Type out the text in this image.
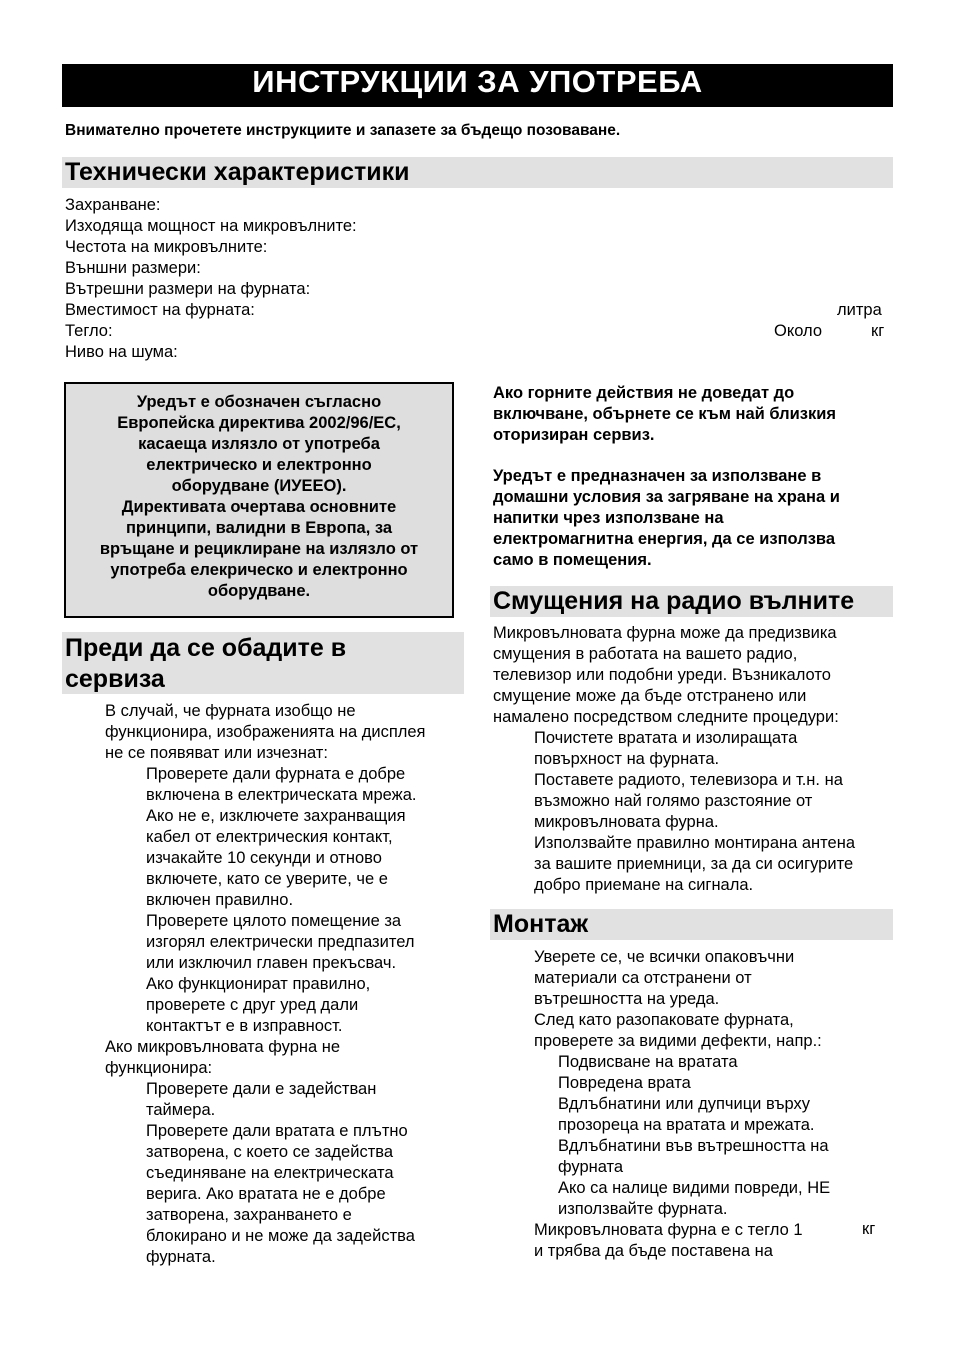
ИНСТРУКЦИИ ЗА УПОТРЕБА
Внимателно прочетете инструкциите и запазете за бъдещо позоваване.
Технически характеристики
Захранване:
Изходяща мощност на микровълните:
Честота на микровълните:
Външни размери:
Вътрешни размери на фурната:
Вместимост на фурната:
Тегло:
Ниво на шума:
литра
Около	кг
Уредът е обозначен съгласно
Европейска директива 2002/96/ЕС,
касаеща излязло от употреба
електрическо и електронно
оборудване (ИУЕЕО).
Директивата очертава основните
принципи, валидни в Европа, за
връщане и рециклиране на излязло от
употреба елекрическо и електронно
оборудване.
Преди да се обадите в
сервиза
В случай, че фурната изобщо не
функционира, изображенията на дисплея
не се появяват или изчезнат:
Проверете дали фурната е добре
включена в електрическата мрежа.
Ако не е, изключете захранващия
кабел от електрическия контакт,
изчакайте 10 секунди и отново
включете, като се уверите, че е
включен правилно.
Проверете цялото помещение за
изгорял електрически предпазител
или изключил главен прекъсвач.
Ако функционират правилно,
проверете с друг уред дали
контактът е в изправност.
Ако микровълновата фурна не
функционира:
Проверете дали е задействан
таймера.
Проверете дали вратата е плътно
затворена, с което се задейства
съединяване на електрическата
верига. Ако вратата не е добре
затворена, захранването е
блокирано и не може да задейства
фурната.
Ако горните действия не доведат до
включване, обърнете се към най близкия
оторизиран сервиз.
Уредът е предназначен за използване в
домашни условия за загряване на храна и
напитки чрез използване на
електромагнитна енергия, да се използва
само в помещения.
Смущения на радио вълните
Микровълновата фурна може да предизвика
смущения в работата на вашето радио,
телевизор или подобни уреди. Възникалото
смущение може да бъде отстранено или
намалено посредством следните процедури:
Почистете вратата и изолиращата
повърхност на фурната.
Поставете радиото, телевизора и т.н. на
възможно най голямо разстояние от
микровълновата фурна.
Използвайте правилно монтирана антена
за вашите приемници, за да си осигурите
добро приемане на сигнала.
Монтаж
Уверете се, че всички опаковъчни
материали са отстранени от
вътрешността на уреда.
След като разопаковате фурната,
проверете за видими дефекти, напр.:
Подвисване на вратата
Повредена врата
Вдлъбнатини или дупчици върху
прозореца на вратата и мрежата.
Вдлъбнатини във вътрешността на
фурната
Ако са налице видими повреди, НЕ
използвайте фурната.
Микровълновата фурна е с тегло 1
и трябва да бъде поставена на
кг
